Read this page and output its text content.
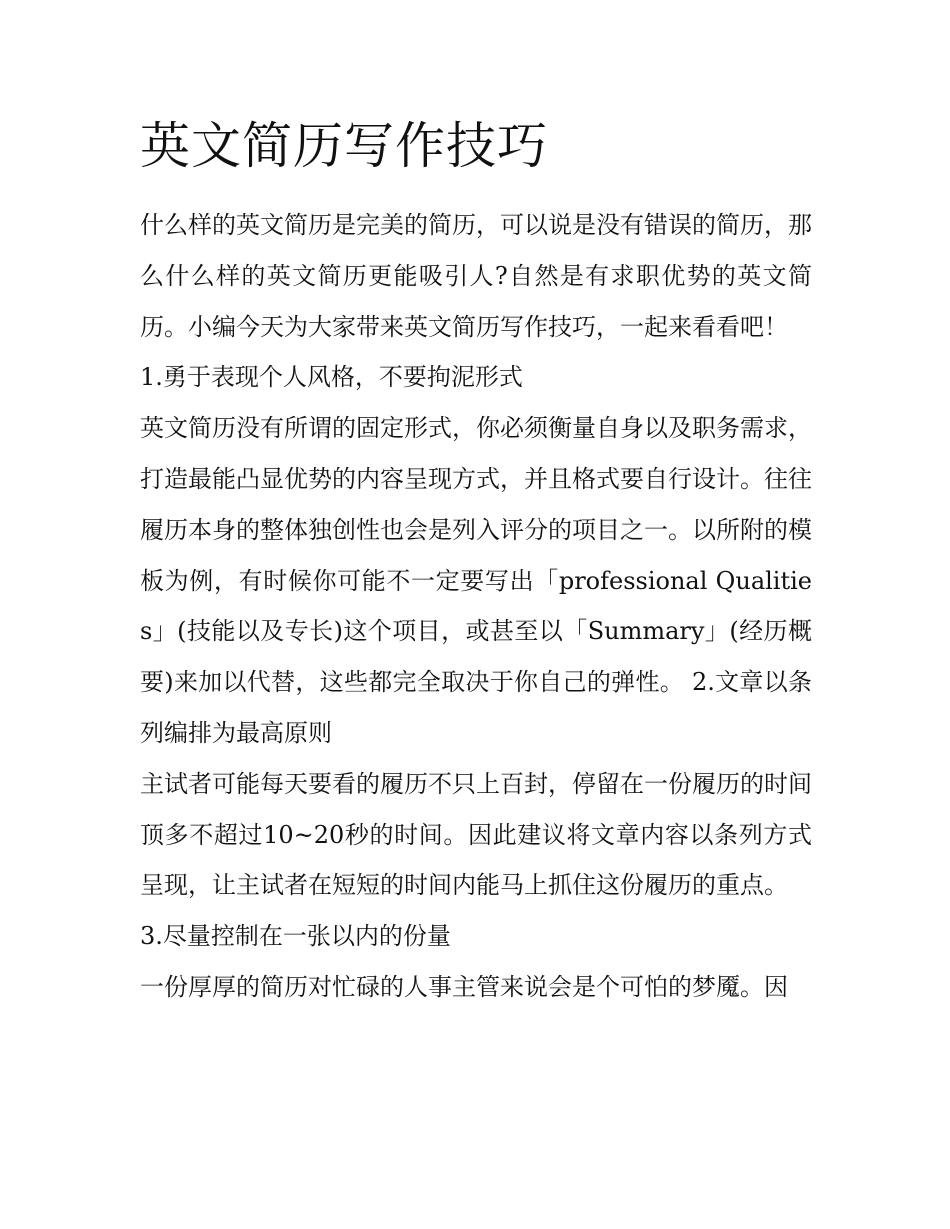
英文简历写作技巧

什么样的英文简历是完美的简历，可以说是没有错误的简历，那么什么样的英文简历更能吸引人?自然是有求职优势的英文简历。小编今天为大家带来英文简历写作技巧，一起来看看吧！

1.勇于表现个人风格，不要拘泥形式

英文简历没有所谓的固定形式，你必须衡量自身以及职务需求，打造最能凸显优势的内容呈现方式，并且格式要自行设计。往往履历本身的整体独创性也会是列入评分的项目之一。以所附的模板为例，有时候你可能不一定要写出「professional Qualities」(技能以及专长)这个项目，或甚至以「Summary」(经历概要)来加以代替，这些都完全取决于你自己的弹性。 2.文章以条列编排为最高原则

主试者可能每天要看的履历不只上百封，停留在一份履历的时间顶多不超过10~20秒的时间。因此建议将文章内容以条列方式呈现，让主试者在短短的时间内能马上抓住这份履历的重点。

3.尽量控制在一张以内的份量

一份厚厚的简历对忙碌的人事主管来说会是个可怕的梦魇。因
